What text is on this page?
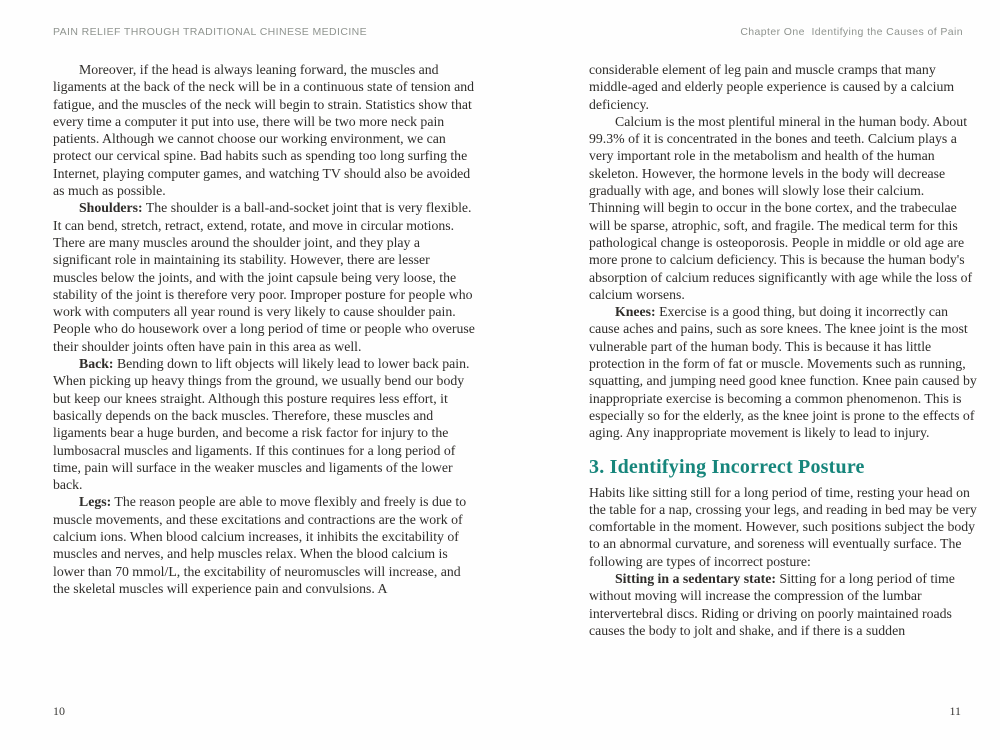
PAIN RELIEF THROUGH TRADITIONAL CHINESE MEDICINE

Moreover, if the head is always leaning forward, the muscles and ligaments at the back of the neck will be in a continuous state of tension and fatigue, and the muscles of the neck will begin to strain. Statistics show that every time a computer it put into use, there will be two more neck pain patients. Although we cannot choose our working environment, we can protect our cervical spine. Bad habits such as spending too long surfing the Internet, playing computer games, and watching TV should also be avoided as much as possible.

Shoulders: The shoulder is a ball-and-socket joint that is very flexible. It can bend, stretch, retract, extend, rotate, and move in circular motions. There are many muscles around the shoulder joint, and they play a significant role in maintaining its stability. However, there are lesser muscles below the joints, and with the joint capsule being very loose, the stability of the joint is therefore very poor. Improper posture for people who work with computers all year round is very likely to cause shoulder pain. People who do housework over a long period of time or people who overuse their shoulder joints often have pain in this area as well.

Back: Bending down to lift objects will likely lead to lower back pain. When picking up heavy things from the ground, we usually bend our body but keep our knees straight. Although this posture requires less effort, it basically depends on the back muscles. Therefore, these muscles and ligaments bear a huge burden, and become a risk factor for injury to the lumbosacral muscles and ligaments. If this continues for a long period of time, pain will surface in the weaker muscles and ligaments of the lower back.

Legs: The reason people are able to move flexibly and freely is due to muscle movements, and these excitations and contractions are the work of calcium ions. When blood calcium increases, it inhibits the excitability of muscles and nerves, and help muscles relax. When the blood calcium is lower than 70 mmol/L, the excitability of neuromuscles will increase, and the skeletal muscles will experience pain and convulsions. A

10
Chapter One  Identifying the Causes of Pain

considerable element of leg pain and muscle cramps that many middle-aged and elderly people experience is caused by a calcium deficiency.

Calcium is the most plentiful mineral in the human body. About 99.3% of it is concentrated in the bones and teeth. Calcium plays a very important role in the metabolism and health of the human skeleton. However, the hormone levels in the body will decrease gradually with age, and bones will slowly lose their calcium. Thinning will begin to occur in the bone cortex, and the trabeculae will be sparse, atrophic, soft, and fragile. The medical term for this pathological change is osteoporosis. People in middle or old age are more prone to calcium deficiency. This is because the human body's absorption of calcium reduces significantly with age while the loss of calcium worsens.

Knees: Exercise is a good thing, but doing it incorrectly can cause aches and pains, such as sore knees. The knee joint is the most vulnerable part of the human body. This is because it has little protection in the form of fat or muscle. Movements such as running, squatting, and jumping need good knee function. Knee pain caused by inappropriate exercise is becoming a common phenomenon. This is especially so for the elderly, as the knee joint is prone to the effects of aging. Any inappropriate movement is likely to lead to injury.

3. Identifying Incorrect Posture

Habits like sitting still for a long period of time, resting your head on the table for a nap, crossing your legs, and reading in bed may be very comfortable in the moment. However, such positions subject the body to an abnormal curvature, and soreness will eventually surface. The following are types of incorrect posture:

Sitting in a sedentary state: Sitting for a long period of time without moving will increase the compression of the lumbar intervertebral discs. Riding or driving on poorly maintained roads causes the body to jolt and shake, and if there is a sudden

11
